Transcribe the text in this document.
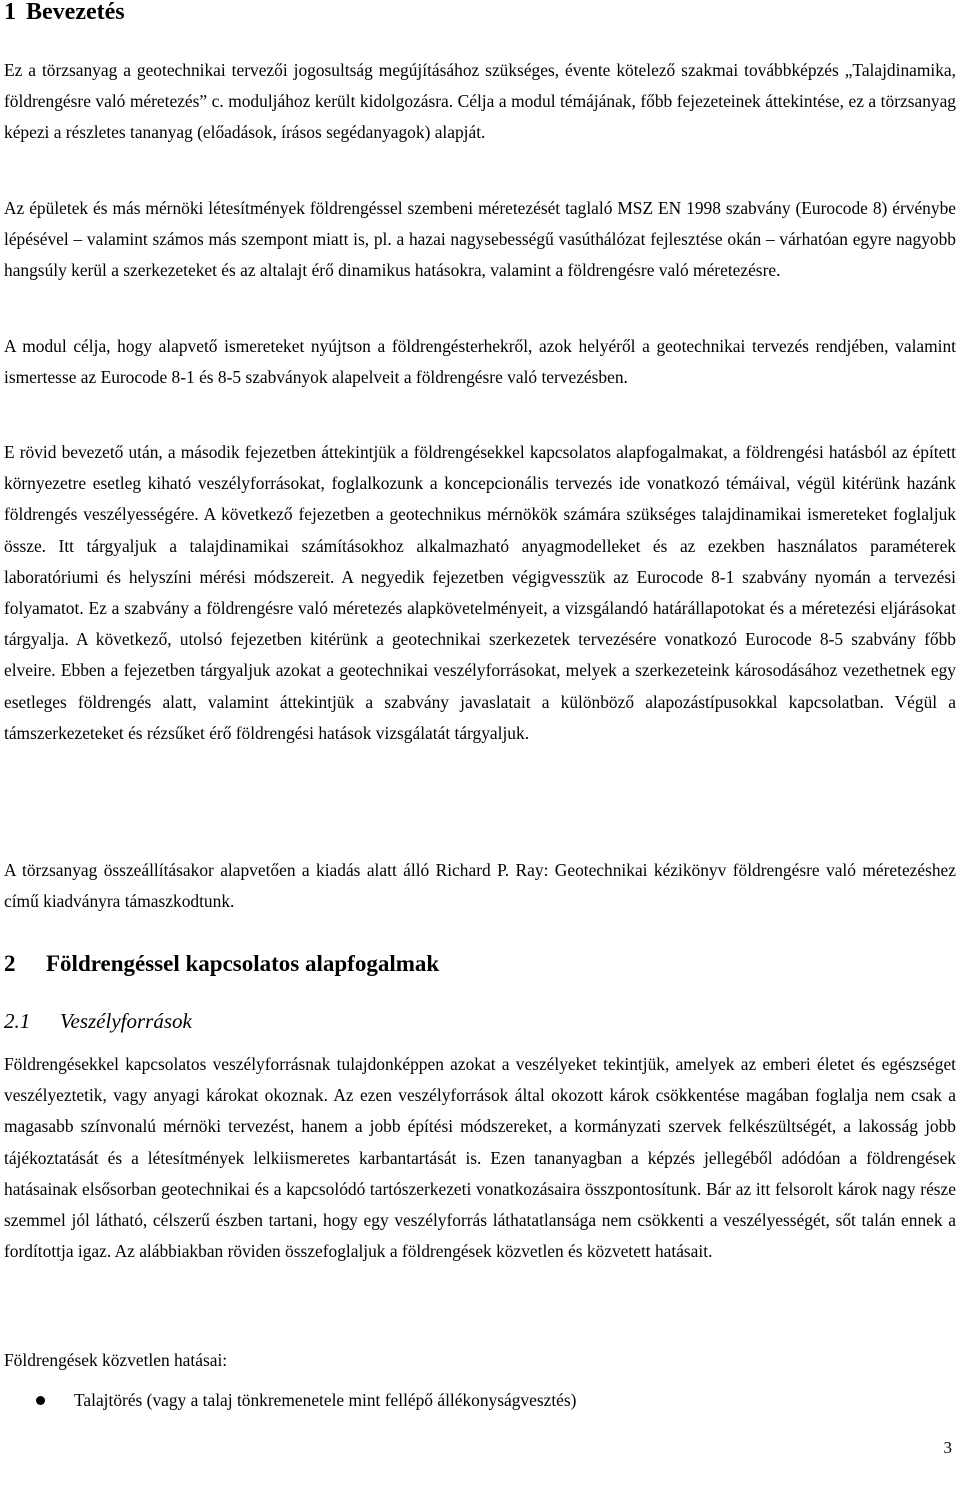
1 Bevezetés

Ez a törzsanyag a geotechnikai tervezői jogosultság megújításához szükséges, évente kötelező szakmai továbbképzés „Talajdinamika, földrengésre való méretezés” c. moduljához került kidolgozásra. Célja a modul témájának, főbb fejezeteinek áttekintése, ez a törzsanyag képezi a részletes tananyag (előadások, írásos segédanyagok) alapját.

Az épületek és más mérnöki létesítmények földrengéssel szembeni méretezését taglaló MSZ EN 1998 szabvány (Eurocode 8) érvénybe lépésével – valamint számos más szempont miatt is, pl. a hazai nagysebességű vasúthálózat fejlesztése okán – várhatóan egyre nagyobb hangsúly kerül a szerkezeteket és az altalajt érő dinamikus hatásokra, valamint a földrengésre való méretezésre.

A modul célja, hogy alapvető ismereteket nyújtson a földrengésterhekről, azok helyéről a geotechnikai tervezés rendjében, valamint ismertesse az Eurocode 8-1 és 8-5 szabványok alapelveit a földrengésre való tervezésben.

E rövid bevezető után, a második fejezetben áttekintjük a földrengésekkel kapcsolatos alapfogalmakat, a földrengési hatásból az épített környezetre esetleg kiható veszélyforrásokat, foglalkozunk a koncepcionális tervezés ide vonatkozó témáival, végül kitérünk hazánk földrengés veszélyességére. A következő fejezetben a geotechnikus mérnökök számára szükséges talajdinamikai ismereteket foglaljuk össze. Itt tárgyaljuk a talajdinamikai számításokhoz alkalmazható anyagmodelleket és az ezekben használatos paraméterek laboratóriumi és helyszíni mérési módszereit. A negyedik fejezetben végigvesszük az Eurocode 8-1 szabvány nyomán a tervezési folyamatot. Ez a szabvány a földrengésre való méretezés alapkövetelményeit, a vizsgálandó határállapotokat és a méretezési eljárásokat tárgyalja. A következő, utolsó fejezetben kitérünk a geotechnikai szerkezetek tervezésére vonatkozó Eurocode 8-5 szabvány főbb elveire. Ebben a fejezetben tárgyaljuk azokat a geotechnikai veszélyforrásokat, melyek a szerkezeteink károsodásához vezethetnek egy esetleges földrengés alatt, valamint áttekintjük a szabvány javaslatait a különböző alapozástípusokkal kapcsolatban. Végül a támszerkezeteket és rézsűket érő földrengési hatások vizsgálatát tárgyaljuk.

A törzsanyag összeállításakor alapvetően a kiadás alatt álló Richard P. Ray: Geotechnikai kézikönyv földrengésre való méretezéshez című kiadványra támaszkodtunk.

2 Földrengéssel kapcsolatos alapfogalmak
2.1 Veszélyforrások

Földrengésekkel kapcsolatos veszélyforrásnak tulajdonképpen azokat a veszélyeket tekintjük, amelyek az emberi életet és egészséget veszélyeztetik, vagy anyagi károkat okoznak. Az ezen veszélyforrások által okozott károk csökkentése magában foglalja nem csak a magasabb színvonalú mérnöki tervezést, hanem a jobb építési módszereket, a kormányzati szervek felkészültségét, a lakosság jobb tájékoztatását és a létesítmények lelkiismeretes karbantartását is. Ezen tananyagban a képzés jellegéből adódóan a földrengések hatásainak elsősorban geotechnikai és a kapcsolódó tartószerkezeti vonatkozásaira összpontosítunk. Bár az itt felsorolt károk nagy része szemmel jól látható, célszerű észben tartani, hogy egy veszélyforrás láthatatlansága nem csökkenti a veszélyességét, sőt talán ennek a fordítottja igaz. Az alábbiakban röviden összefoglaljuk a földrengések közvetlen és közvetett hatásait.

Földrengések közvetlen hatásai:

Talajtörés (vagy a talaj tönkremenetele mint fellépő állékonyságvesztés)
3
